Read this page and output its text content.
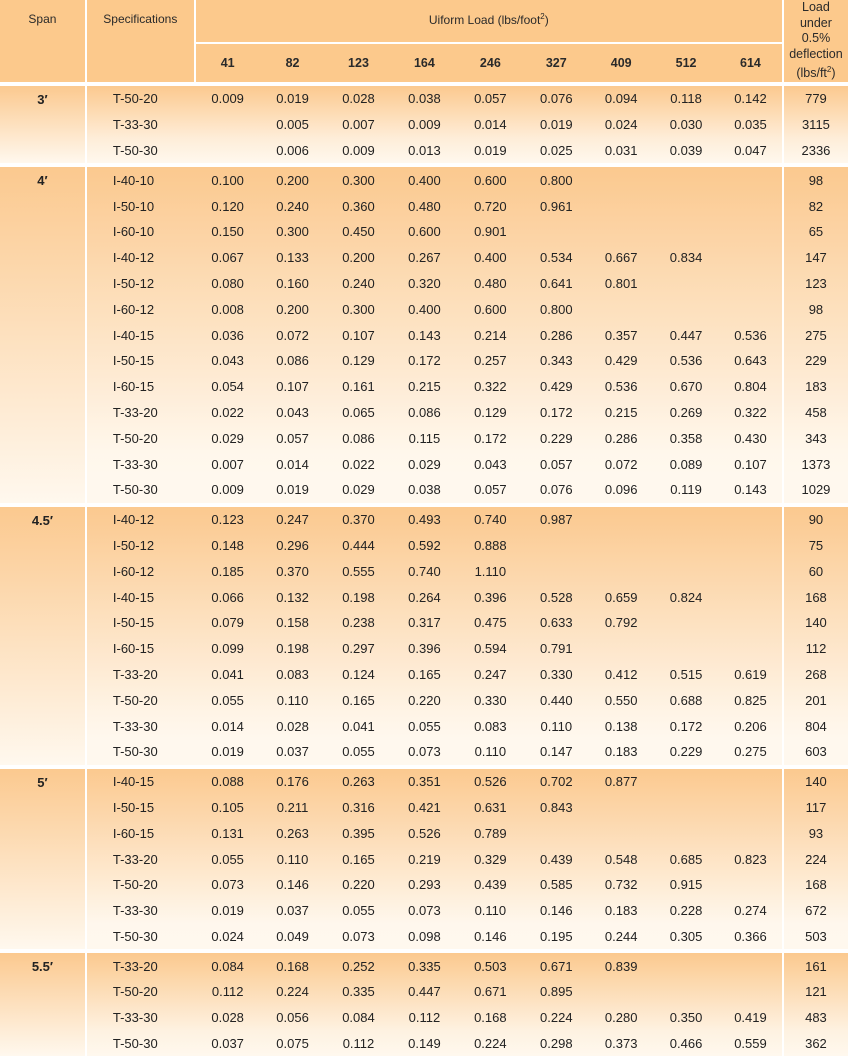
Span	Specifications	Uiform Load (lbs/foot$^2$)									Load
under
0.5%
deflection
$(lbs/ft^2)$

		41	82	123	164	246	327	409	512	614	

3′	T-50-20	0.009	0.019	0.028	0.038	0.057	0.076	0.094	0.118	0.142	779
	T-33-30		0.005	0.007	0.009	0.014	0.019	0.024	0.030	0.035	3115
	T-50-30		0.006	0.009	0.013	0.019	0.025	0.031	0.039	0.047	2336

4′	I-40-10	0.100	0.200	0.300	0.400	0.600	0.800				98
	I-50-10	0.120	0.240	0.360	0.480	0.720	0.961				82
	I-60-10	0.150	0.300	0.450	0.600	0.901					65
	I-40-12	0.067	0.133	0.200	0.267	0.400	0.534	0.667	0.834		147
	I-50-12	0.080	0.160	0.240	0.320	0.480	0.641	0.801			123
	I-60-12	0.008	0.200	0.300	0.400	0.600	0.800				98
	I-40-15	0.036	0.072	0.107	0.143	0.214	0.286	0.357	0.447	0.536	275
	I-50-15	0.043	0.086	0.129	0.172	0.257	0.343	0.429	0.536	0.643	229
	I-60-15	0.054	0.107	0.161	0.215	0.322	0.429	0.536	0.670	0.804	183
	T-33-20	0.022	0.043	0.065	0.086	0.129	0.172	0.215	0.269	0.322	458
	T-50-20	0.029	0.057	0.086	0.115	0.172	0.229	0.286	0.358	0.430	343
	T-33-30	0.007	0.014	0.022	0.029	0.043	0.057	0.072	0.089	0.107	1373
	T-50-30	0.009	0.019	0.029	0.038	0.057	0.076	0.096	0.119	0.143	1029

4.5′	I-40-12	0.123	0.247	0.370	0.493	0.740	0.987				90
	I-50-12	0.148	0.296	0.444	0.592	0.888					75
	I-60-12	0.185	0.370	0.555	0.740	1.110					60
	I-40-15	0.066	0.132	0.198	0.264	0.396	0.528	0.659	0.824		168
	I-50-15	0.079	0.158	0.238	0.317	0.475	0.633	0.792			140
	I-60-15	0.099	0.198	0.297	0.396	0.594	0.791				112
	T-33-20	0.041	0.083	0.124	0.165	0.247	0.330	0.412	0.515	0.619	268
	T-50-20	0.055	0.110	0.165	0.220	0.330	0.440	0.550	0.688	0.825	201
	T-33-30	0.014	0.028	0.041	0.055	0.083	0.110	0.138	0.172	0.206	804
	T-50-30	0.019	0.037	0.055	0.073	0.110	0.147	0.183	0.229	0.275	603

5′	I-40-15	0.088	0.176	0.263	0.351	0.526	0.702	0.877			140
	I-50-15	0.105	0.211	0.316	0.421	0.631	0.843				117
	I-60-15	0.131	0.263	0.395	0.526	0.789					93
	T-33-20	0.055	0.110	0.165	0.219	0.329	0.439	0.548	0.685	0.823	224
	T-50-20	0.073	0.146	0.220	0.293	0.439	0.585	0.732	0.915		168
	T-33-30	0.019	0.037	0.055	0.073	0.110	0.146	0.183	0.228	0.274	672
	T-50-30	0.024	0.049	0.073	0.098	0.146	0.195	0.244	0.305	0.366	503

5.5′	T-33-20	0.084	0.168	0.252	0.335	0.503	0.671	0.839			161
	T-50-20	0.112	0.224	0.335	0.447	0.671	0.895				121
	T-33-30	0.028	0.056	0.084	0.112	0.168	0.224	0.280	0.350	0.419	483
	T-50-30	0.037	0.075	0.112	0.149	0.224	0.298	0.373	0.466	0.559	362
